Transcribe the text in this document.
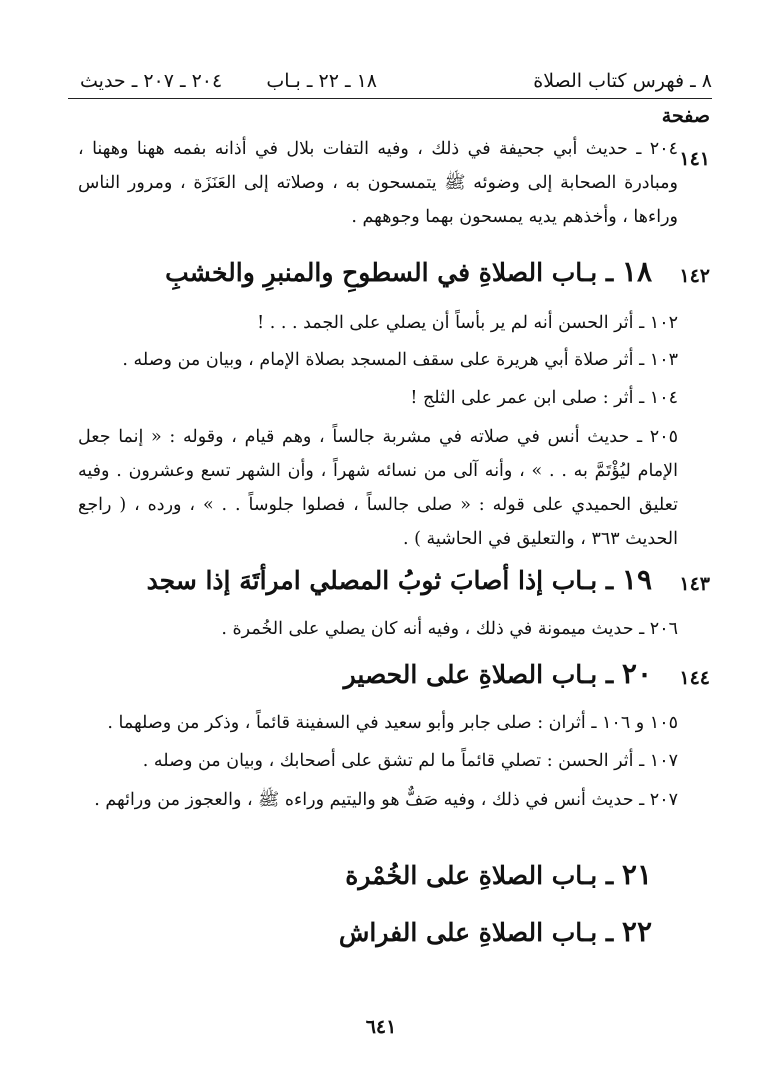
٨ ـ فهرس كتاب الصلاة
١٨ ـ ٢٢ ـ بـاب
٢٠٤ ـ ٢٠٧ ـ حديث
صفحة
١٤١

٢٠٤ ـ حديث أبي جحيفة في ذلك ، وفيه التفات بلال في أذانه بفمه ههنا وههنا ، ومبادرة الصحابة إلى وضوئه ﷺ يتمسحون به ، وصلاته إلى العَنَزَة ، ومرور الناس وراءها ، وأخذهم يديه يمسحون بهما وجوههم .

١٤٢
١٨ ـ بـاب الصلاةِ في السطوحِ والمنبرِ والخشبِ

١٠٢ ـ أثر الحسن أنه لم ير بأساً أن يصلي على الجمد . . . !

١٠٣ ـ أثر صلاة أبي هريرة على سقف المسجد بصلاة الإمام ، وبيان من وصله .

١٠٤ ـ أثر : صلى ابن عمر على الثلج !

٢٠٥ ـ حديث أنس في صلاته في مشربة جالساً ، وهم قيام ، وقوله : « إنما جعل الإمام ليُؤْتَمَّ به . . » ، وأنه آلى من نسائه شهراً ، وأن الشهر تسع وعشرون . وفيه تعليق الحميدي على قوله : « صلى جالساً ، فصلوا جلوساً . . » ، ورده ، ( راجع الحديث ٣٦٣ ، والتعليق في الحاشية ) .

١٤٣
١٩ ـ بـاب إذا أصابَ ثوبُ المصلي امرأتَهَ إذا سجد

٢٠٦ ـ حديث ميمونة في ذلك ، وفيه أنه كان يصلي على الخُمرة .

١٤٤
٢٠ ـ بـاب الصلاةِ على الحصير

١٠٥ و ١٠٦ ـ أثران : صلى جابر وأبو سعيد في السفينة قائماً ، وذكر من وصلهما .

١٠٧ ـ أثر الحسن : تصلي قائماً ما لم تشق على أصحابك ، وبيان من وصله .

٢٠٧ ـ حديث أنس في ذلك ، وفيه صَفٌّ هو واليتيم وراءه ﷺ ، والعجوز من ورائهم .

٢١ ـ بـاب الصلاةِ على الخُمْرة
٢٢ ـ بـاب الصلاةِ على الفراش
٦٤١
